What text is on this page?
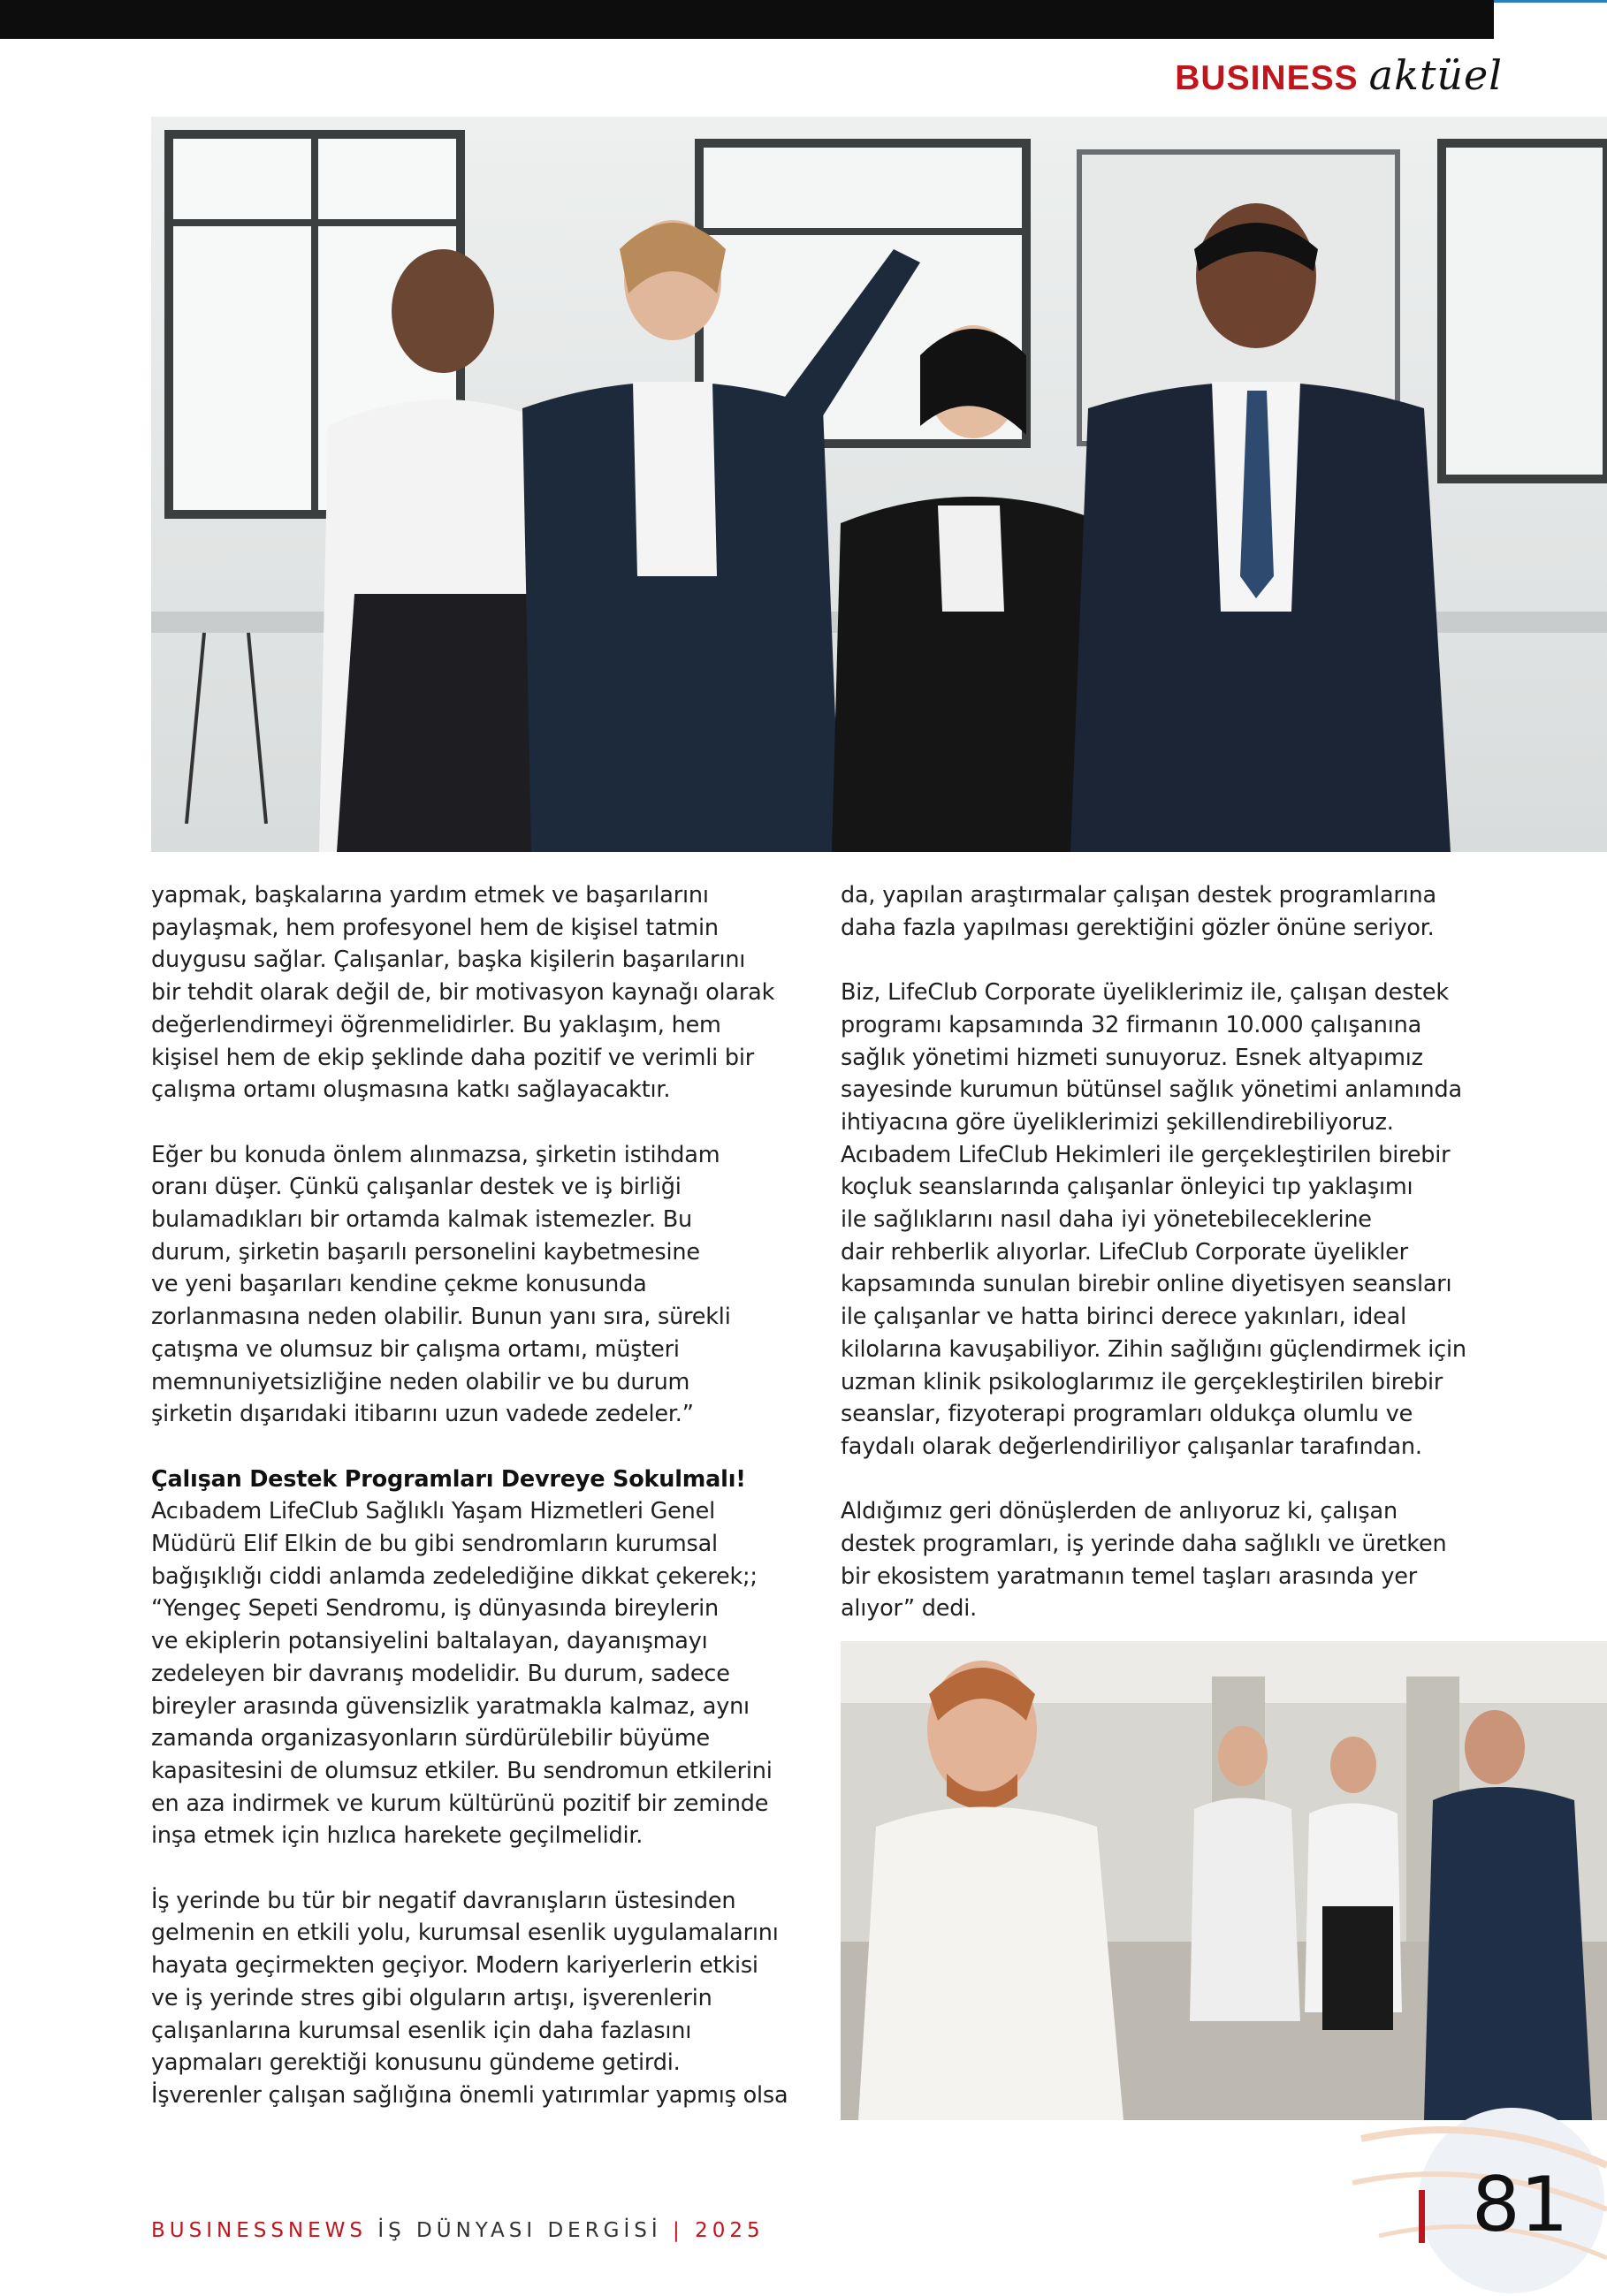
BUSINESS aktüel

yapmak, başkalarına yardım etmek ve başarılarını
paylaşmak, hem profesyonel hem de kişisel tatmin
duygusu sağlar. Çalışanlar, başka kişilerin başarılarını
bir tehdit olarak değil de, bir motivasyon kaynağı olarak
değerlendirmeyi öğrenmelidirler. Bu yaklaşım, hem
kişisel hem de ekip şeklinde daha pozitif ve verimli bir
çalışma ortamı oluşmasına katkı sağlayacaktır.

Eğer bu konuda önlem alınmazsa, şirketin istihdam
oranı düşer. Çünkü çalışanlar destek ve iş birliği
bulamadıkları bir ortamda kalmak istemezler. Bu
durum, şirketin başarılı personelini kaybetmesine
ve yeni başarıları kendine çekme konusunda
zorlanmasına neden olabilir. Bunun yanı sıra, sürekli
çatışma ve olumsuz bir çalışma ortamı, müşteri
memnuniyetsizliğine neden olabilir ve bu durum
şirketin dışarıdaki itibarını uzun vadede zedeler.”

Çalışan Destek Programları Devreye Sokulmalı!

Acıbadem LifeClub Sağlıklı Yaşam Hizmetleri Genel
Müdürü Elif Elkin de bu gibi sendromların kurumsal
bağışıklığı ciddi anlamda zedelediğine dikkat çekerek;;
“Yengeç Sepeti Sendromu, iş dünyasında bireylerin
ve ekiplerin potansiyelini baltalayan, dayanışmayı
zedeleyen bir davranış modelidir. Bu durum, sadece
bireyler arasında güvensizlik yaratmakla kalmaz, aynı
zamanda organizasyonların sürdürülebilir büyüme
kapasitesini de olumsuz etkiler. Bu sendromun etkilerini
en aza indirmek ve kurum kültürünü pozitif bir zeminde
inşa etmek için hızlıca harekete geçilmelidir.

İş yerinde bu tür bir negatif davranışların üstesinden
gelmenin en etkili yolu, kurumsal esenlik uygulamalarını
hayata geçirmekten geçiyor. Modern kariyerlerin etkisi
ve iş yerinde stres gibi olguların artışı, işverenlerin
çalışanlarına kurumsal esenlik için daha fazlasını
yapmaları gerektiği konusunu gündeme getirdi.
İşverenler çalışan sağlığına önemli yatırımlar yapmış olsa

da, yapılan araştırmalar çalışan destek programlarına
daha fazla yapılması gerektiğini gözler önüne seriyor.

Biz, LifeClub Corporate üyeliklerimiz ile, çalışan destek
programı kapsamında 32 firmanın 10.000 çalışanına
sağlık yönetimi hizmeti sunuyoruz. Esnek altyapımız
sayesinde kurumun bütünsel sağlık yönetimi anlamında
ihtiyacına göre üyeliklerimizi şekillendirebiliyoruz.
Acıbadem LifeClub Hekimleri ile gerçekleştirilen birebir
koçluk seanslarında çalışanlar önleyici tıp yaklaşımı
ile sağlıklarını nasıl daha iyi yönetebileceklerine
dair rehberlik alıyorlar. LifeClub Corporate üyelikler
kapsamında sunulan birebir online diyetisyen seansları
ile çalışanlar ve hatta birinci derece yakınları, ideal
kilolarına kavuşabiliyor. Zihin sağlığını güçlendirmek için
uzman klinik psikologlarımız ile gerçekleştirilen birebir
seanslar, fizyoterapi programları oldukça olumlu ve
faydalı olarak değerlendiriliyor çalışanlar tarafından.

Aldığımız geri dönüşlerden de anlıyoruz ki, çalışan
destek programları, iş yerinde daha sağlıklı ve üretken
bir ekosistem yaratmanın temel taşları arasında yer
alıyor” dedi.

BUSINESSNEWS İŞ DÜNYASI DERGİSİ | 2025	81
